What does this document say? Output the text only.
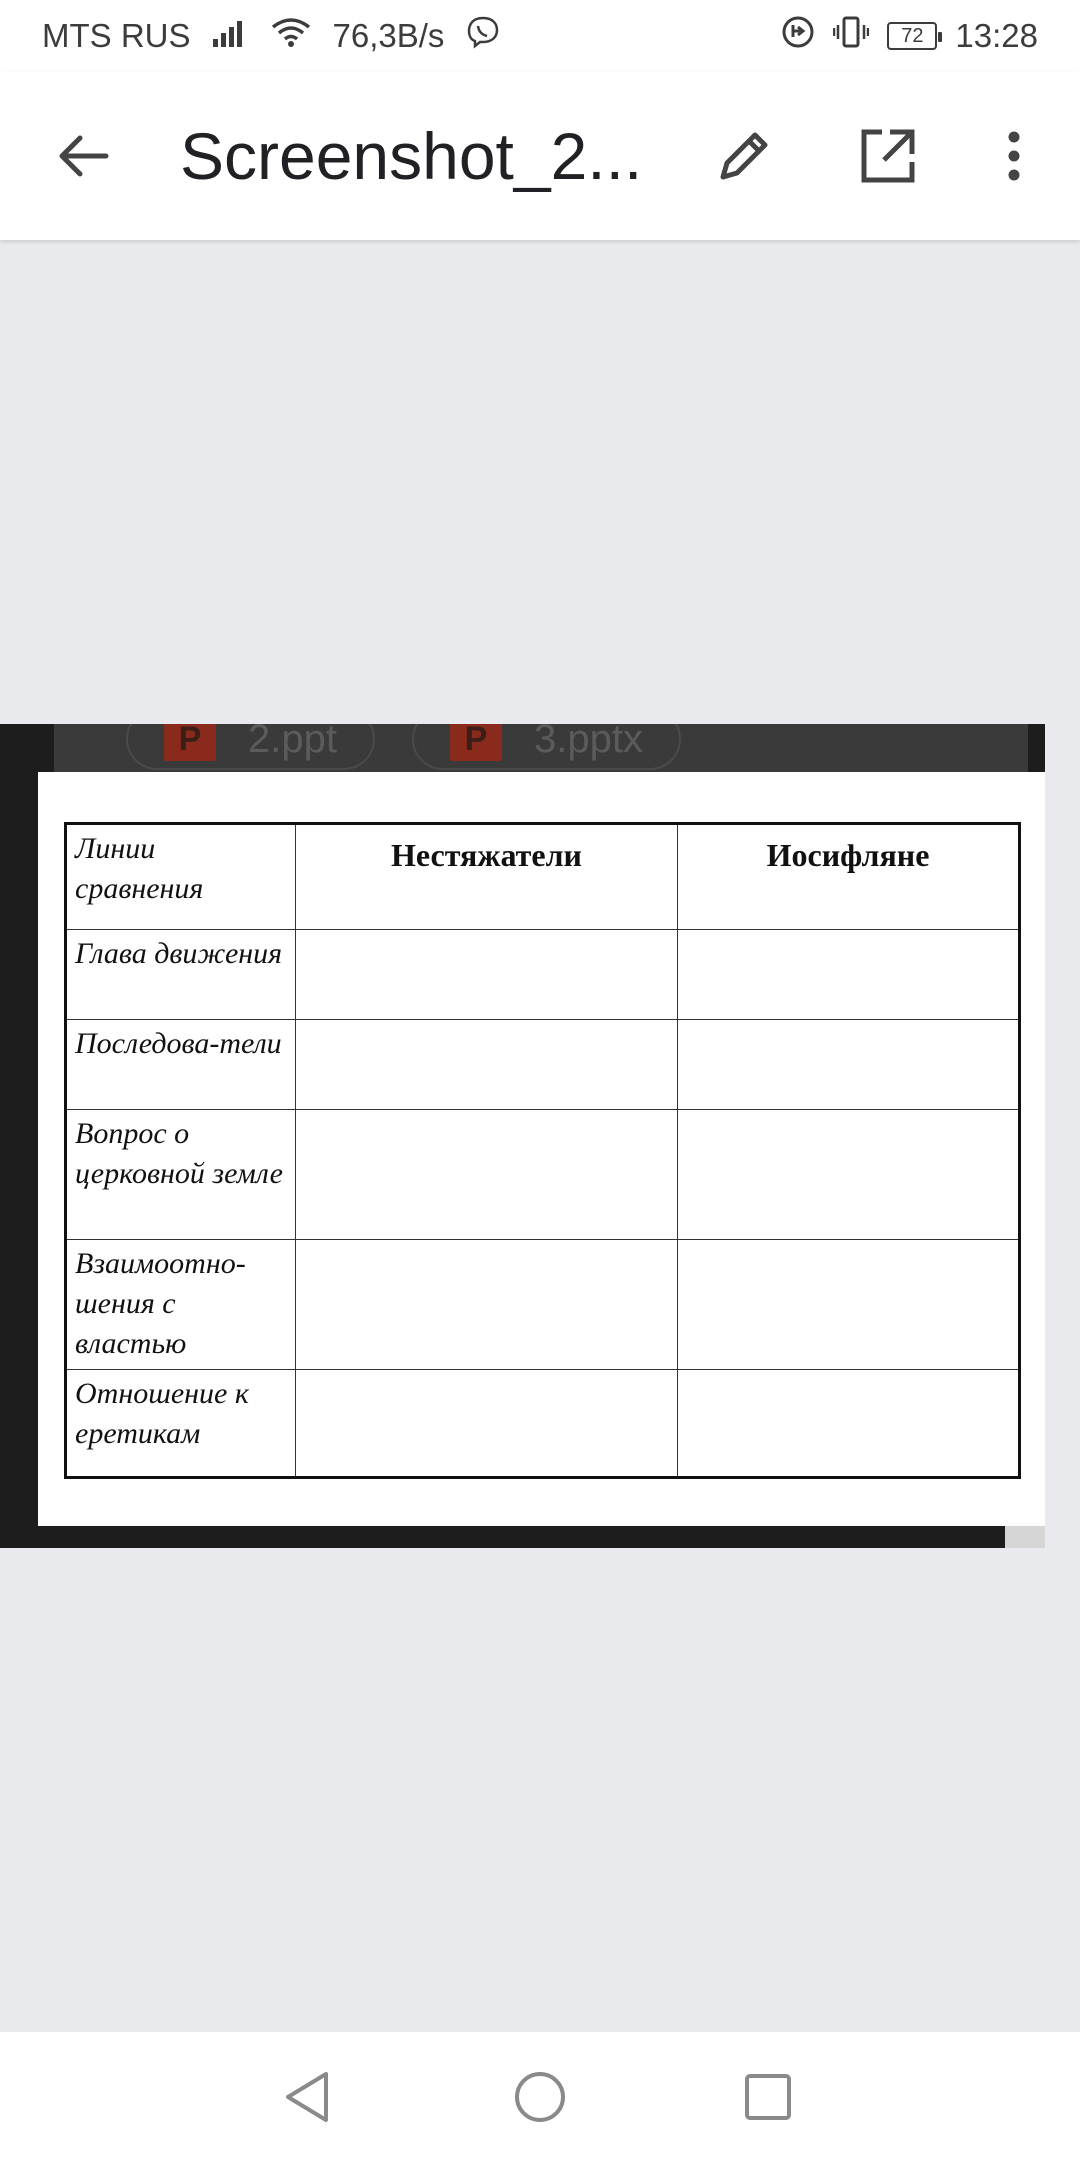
MTS RUS	76,3B/s	72 13:28
Screenshot_2...
P	2.ppt	P	3.pptx
Линии сравнения	Нестяжатели	Иосифляне
Глава движения		
Последова-тели		
Вопрос о церковной земле		
Взаимоотно-шения с властью		
Отношение к еретикам		
